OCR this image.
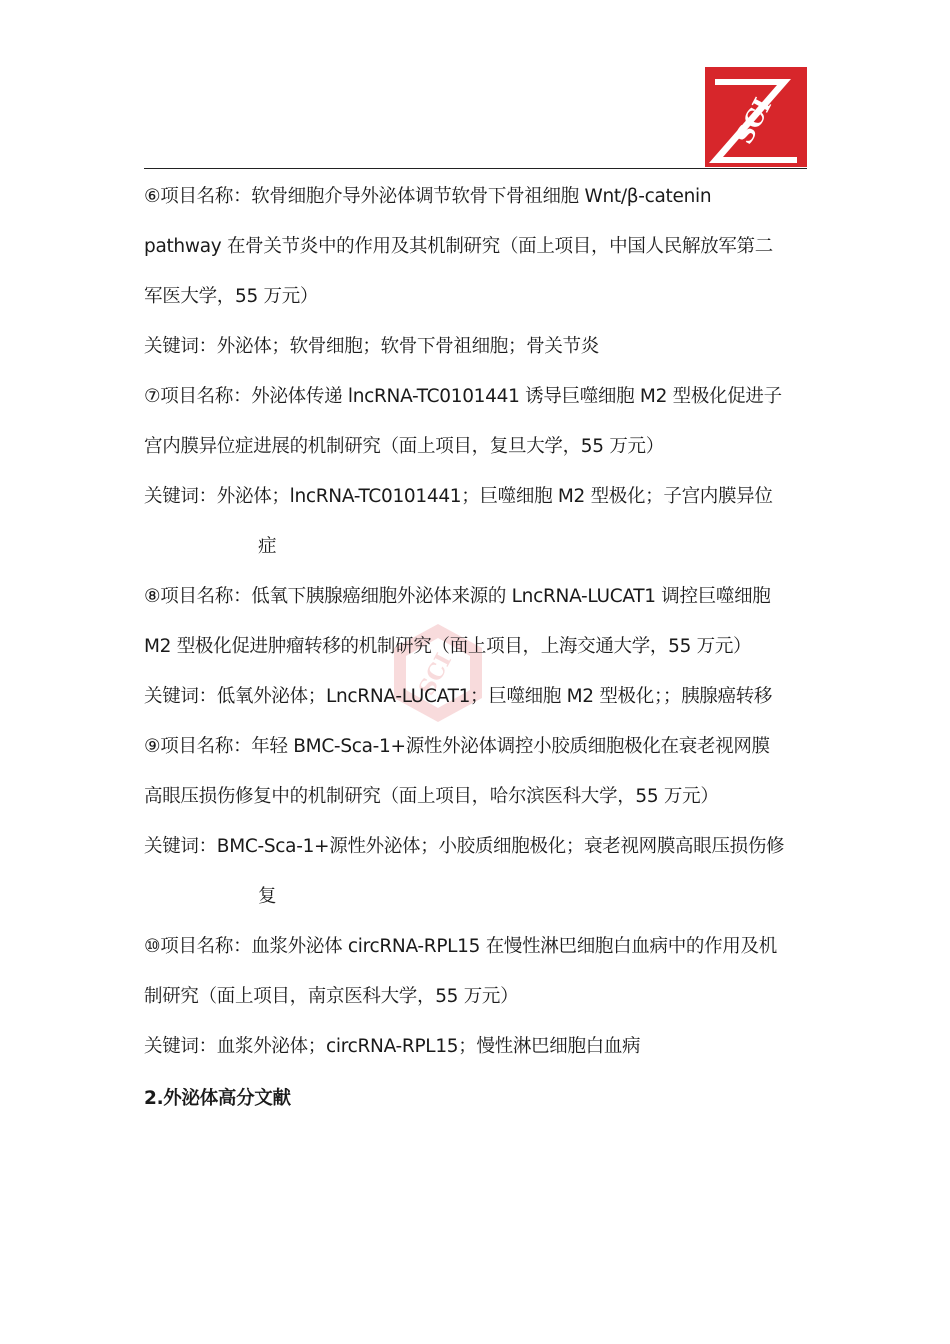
SCI
SCI
⑥项目名称：软骨细胞介导外泌体调节软骨下骨祖细胞 Wnt/β-catenin
pathway 在骨关节炎中的作用及其机制研究（面上项目，中国人民解放军第二
军医大学，55 万元）
关键词：外泌体；软骨细胞；软骨下骨祖细胞；骨关节炎
⑦项目名称：外泌体传递 lncRNA-TC0101441 诱导巨噬细胞 M2 型极化促进子
宫内膜异位症进展的机制研究（面上项目，复旦大学，55 万元）
关键词：外泌体；lncRNA-TC0101441；巨噬细胞 M2 型极化；子宫内膜异位
症
⑧项目名称：低氧下胰腺癌细胞外泌体来源的 LncRNA-LUCAT1 调控巨噬细胞
M2 型极化促进肿瘤转移的机制研究（面上项目，上海交通大学，55 万元）
关键词：低氧外泌体；LncRNA-LUCAT1；巨噬细胞 M2 型极化；；胰腺癌转移
⑨项目名称：年轻 BMC-Sca-1+源性外泌体调控小胶质细胞极化在衰老视网膜
高眼压损伤修复中的机制研究（面上项目，哈尔滨医科大学，55 万元）
关键词：BMC-Sca-1+源性外泌体；小胶质细胞极化；衰老视网膜高眼压损伤修
复
⑩项目名称：血浆外泌体 circRNA-RPL15 在慢性淋巴细胞白血病中的作用及机
制研究（面上项目，南京医科大学，55 万元）
关键词：血浆外泌体；circRNA-RPL15；慢性淋巴细胞白血病
2.外泌体高分文献
